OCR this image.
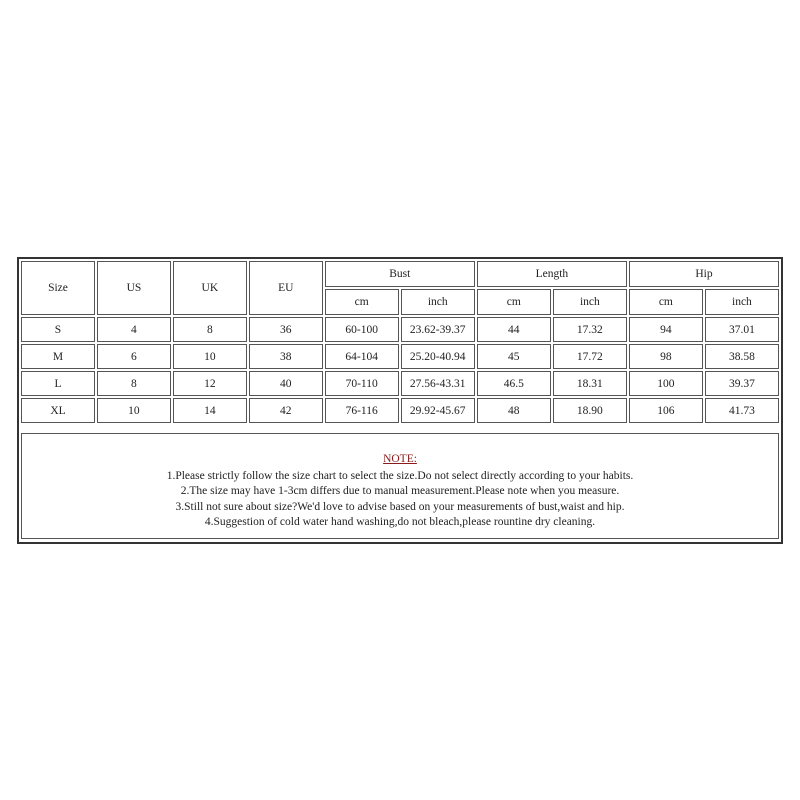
Size	US	UK	EU	Bust		Length		Hip	
				cm	inch	cm	inch	cm	inch
S	4	8	36	60-100	23.62-39.37	44	17.32	94	37.01
M	6	10	38	64-104	25.20-40.94	45	17.72	98	38.58
L	8	12	40	70-110	27.56-43.31	46.5	18.31	100	39.37
XL	10	14	42	76-116	29.92-45.67	48	18.90	106	41.73
NOTE:
1.Please strictly follow the size chart to select the size.Do not select directly according to your habits.
2.The size may have 1-3cm differs due to manual measurement.Please note when you measure.
3.Still not sure about size?We'd love to advise based on your measurements of bust,waist and hip.
4.Suggestion of cold water hand washing,do not bleach,please rountine dry cleaning.
